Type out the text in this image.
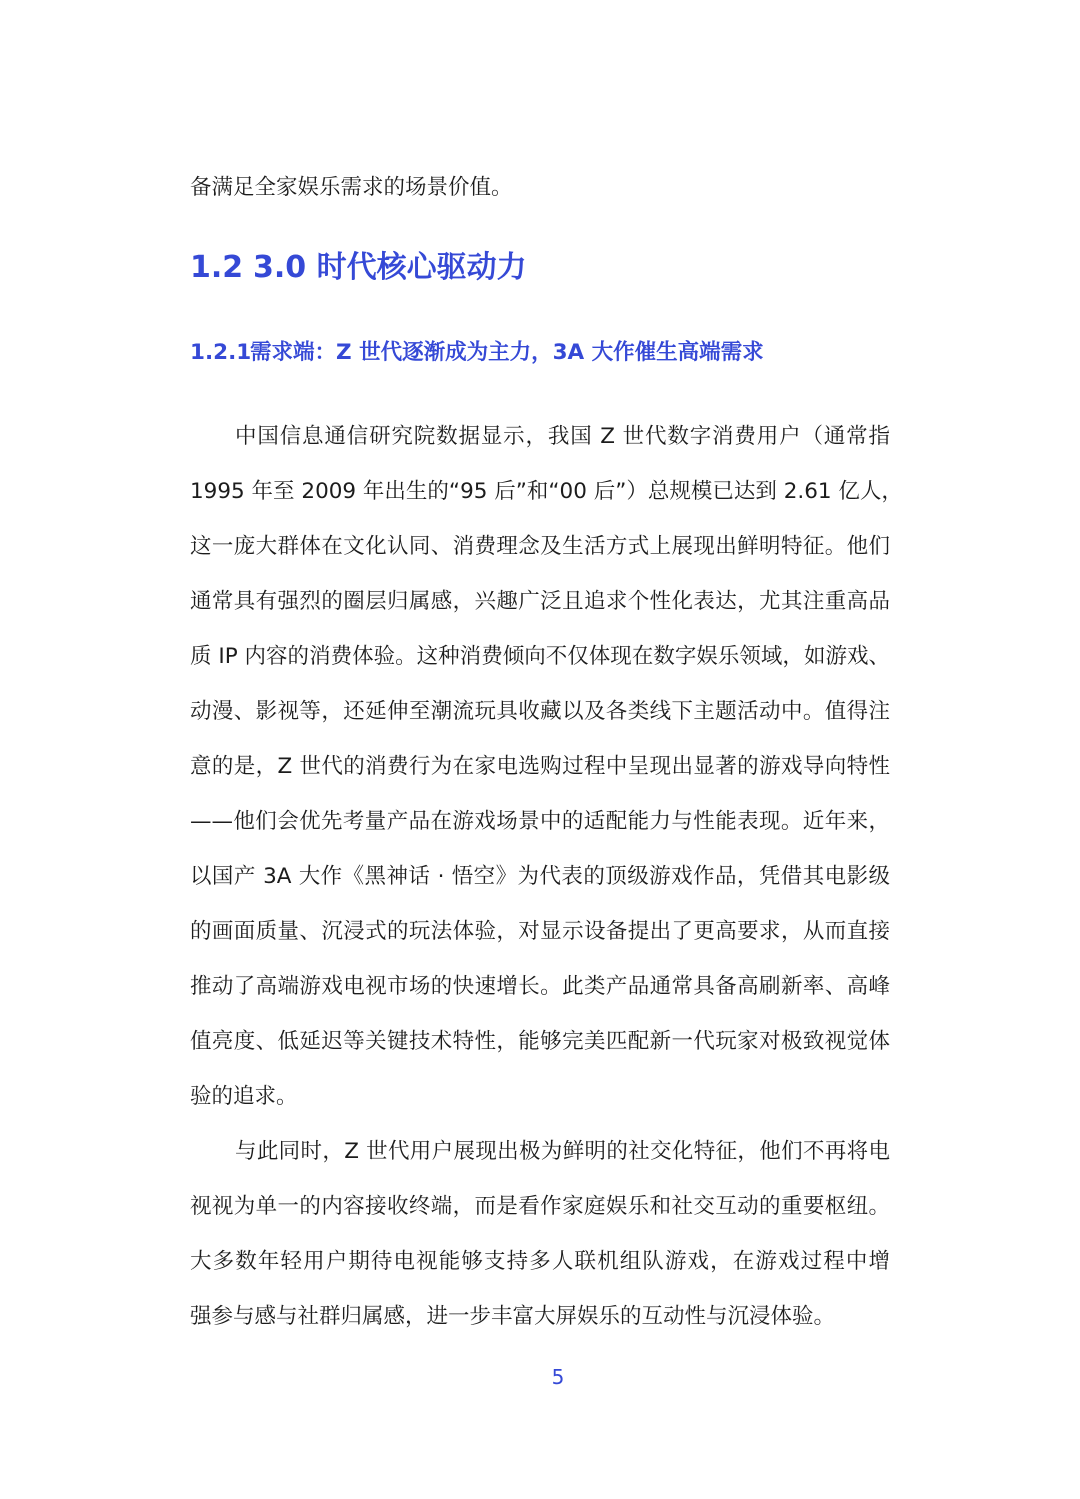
备满足全家娱乐需求的场景价值。
1.2 3.0 时代核心驱动力
1.2.1
需求端：Z 世代逐渐成为主力，3A 大作催生高端需求
中国信息通信研究院数据显示，我国 Z 世代数字消费用户（通常指
1995 年至 2009 年出生的“95 后”和“00 后”）总规模已达到 2.61 亿人，
这一庞大群体在文化认同、消费理念及生活方式上展现出鲜明特征。他们
通常具有强烈的圈层归属感，兴趣广泛且追求个性化表达，尤其注重高品
质 IP 内容的消费体验。这种消费倾向不仅体现在数字娱乐领域，如游戏、
动漫、影视等，还延伸至潮流玩具收藏以及各类线下主题活动中。值得注
意的是，Z 世代的消费行为在家电选购过程中呈现出显著的游戏导向特性
——他们会优先考量产品在游戏场景中的适配能力与性能表现。近年来，
以国产 3A 大作《黑神话 · 悟空》为代表的顶级游戏作品，凭借其电影级
的画面质量、沉浸式的玩法体验，对显示设备提出了更高要求，从而直接
推动了高端游戏电视市场的快速增长。此类产品通常具备高刷新率、高峰
值亮度、低延迟等关键技术特性，能够完美匹配新一代玩家对极致视觉体
验的追求。
与此同时，Z 世代用户展现出极为鲜明的社交化特征，他们不再将电
视视为单一的内容接收终端，而是看作家庭娱乐和社交互动的重要枢纽。
大多数年轻用户期待电视能够支持多人联机组队游戏，在游戏过程中增
强参与感与社群归属感，进一步丰富大屏娱乐的互动性与沉浸体验。
5
